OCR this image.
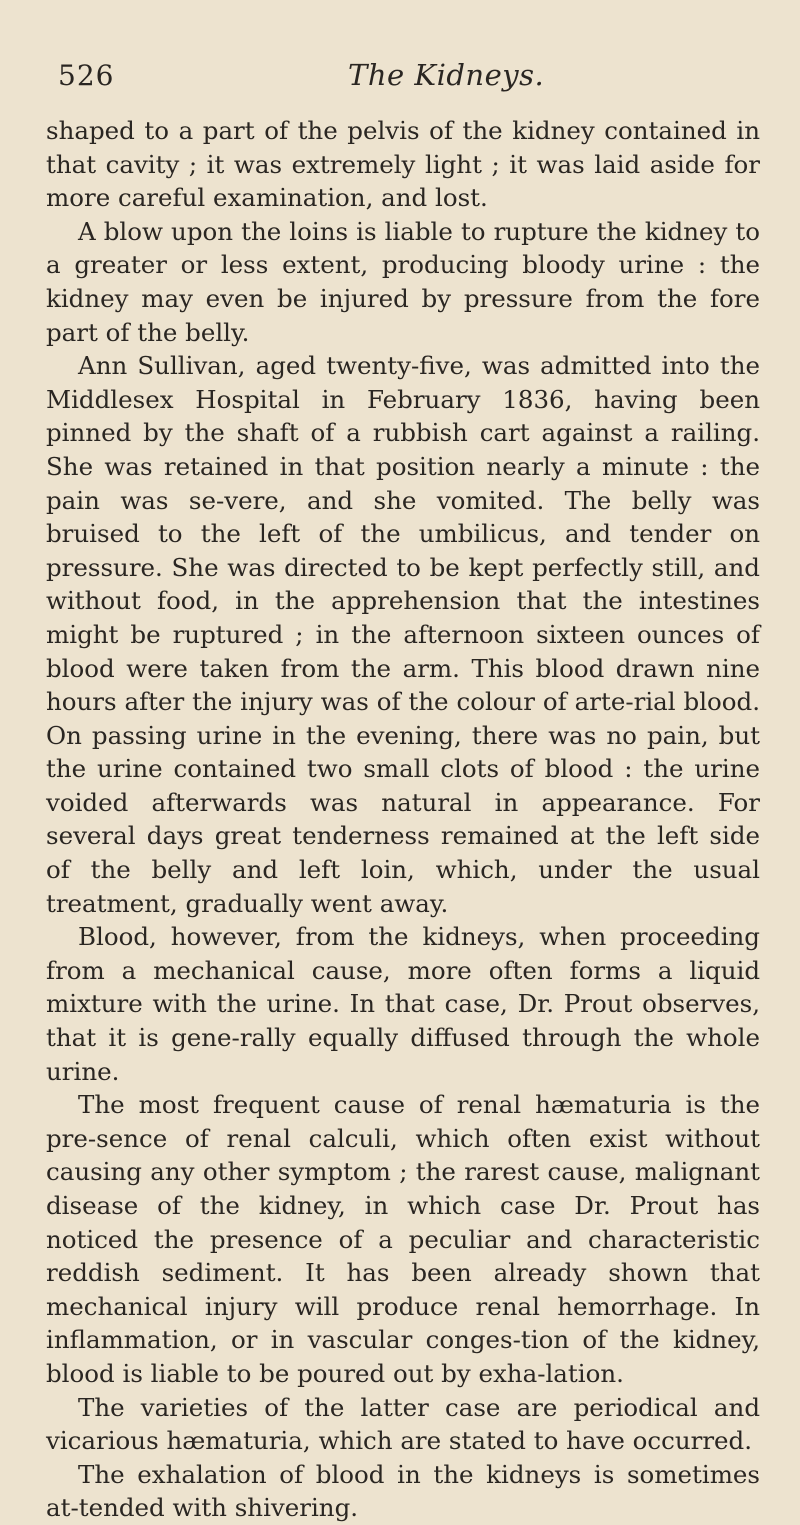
526	The Kidneys.

shaped to a part of the pelvis of the kidney contained in that cavity ; it was extremely light ; it was laid aside for more careful examination, and lost.

A blow upon the loins is liable to rupture the kidney to a greater or less extent, producing bloody urine : the kidney may even be injured by pressure from the fore part of the belly.

Ann Sullivan, aged twenty-five, was admitted into the Middlesex Hospital in February 1836, having been pinned by the shaft of a rubbish cart against a railing. She was retained in that position nearly a minute : the pain was se-vere, and she vomited. The belly was bruised to the left of the umbilicus, and tender on pressure. She was directed to be kept perfectly still, and without food, in the apprehension that the intestines might be ruptured ; in the afternoon sixteen ounces of blood were taken from the arm. This blood drawn nine hours after the injury was of the colour of arte-rial blood. On passing urine in the evening, there was no pain, but the urine contained two small clots of blood : the urine voided afterwards was natural in appearance. For several days great tenderness remained at the left side of the belly and left loin, which, under the usual treatment, gradually went away.

Blood, however, from the kidneys, when proceeding from a mechanical cause, more often forms a liquid mixture with the urine. In that case, Dr. Prout observes, that it is gene-rally equally diffused through the whole urine.

The most frequent cause of renal hæmaturia is the pre-sence of renal calculi, which often exist without causing any other symptom ; the rarest cause, malignant disease of the kidney, in which case Dr. Prout has noticed the presence of a peculiar and characteristic reddish sediment. It has been already shown that mechanical injury will produce renal hemorrhage. In inflammation, or in vascular conges-tion of the kidney, blood is liable to be poured out by exha-lation.

The varieties of the latter case are periodical and vicarious hæmaturia, which are stated to have occurred.

The exhalation of blood in the kidneys is sometimes at-tended with shivering.
